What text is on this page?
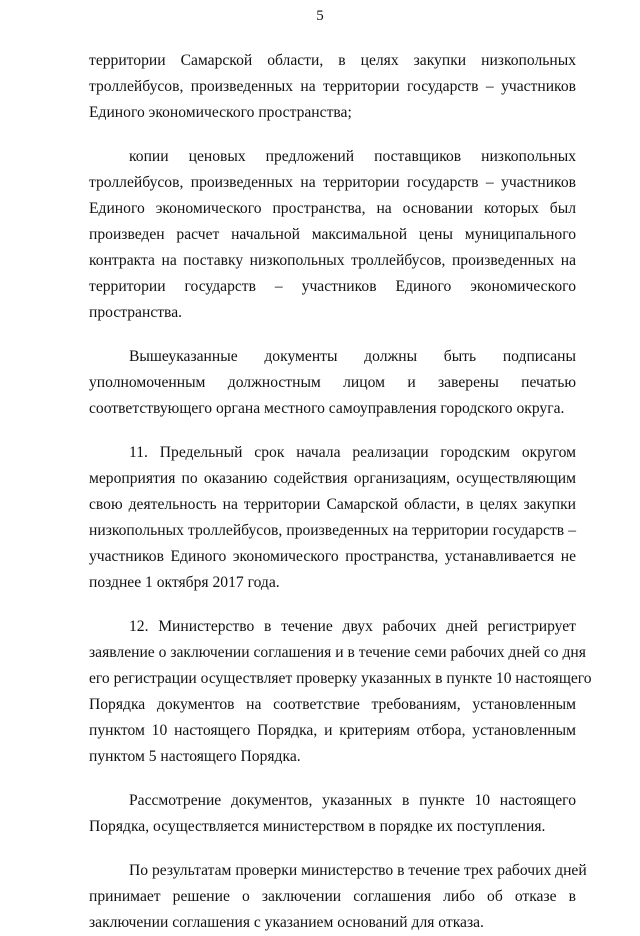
5
территории Самарской области, в целях закупки низкопольных
троллейбусов, произведенных на территории государств – участников
Единого экономического пространства;
копии ценовых предложений поставщиков низкопольных
троллейбусов, произведенных на территории государств – участников
Единого экономического пространства, на основании которых был
произведен расчет начальной максимальной цены муниципального
контракта на поставку низкопольных троллейбусов, произведенных на
территории государств – участников Единого экономического
пространства.
Вышеуказанные документы должны быть подписаны
уполномоченным должностным лицом и заверены печатью
соответствующего органа местного самоуправления городского округа.
11. Предельный срок начала реализации городским округом
мероприятия по оказанию содействия организациям, осуществляющим
свою деятельность на территории Самарской области, в целях закупки
низкопольных троллейбусов, произведенных на территории государств –
участников Единого экономического пространства, устанавливается не
позднее 1 октября 2017 года.
12. Министерство в течение двух рабочих дней регистрирует
заявление о заключении соглашения и в течение семи рабочих дней со дня
его регистрации осуществляет проверку указанных в пункте 10 настоящего
Порядка документов на соответствие требованиям, установленным
пунктом 10 настоящего Порядка, и критериям отбора, установленным
пунктом 5 настоящего Порядка.
Рассмотрение документов, указанных в пункте 10 настоящего
Порядка, осуществляется министерством в порядке их поступления.
По результатам проверки министерство в течение трех рабочих дней
принимает решение о заключении соглашения либо об отказе в
заключении соглашения с указанием оснований для отказа.
